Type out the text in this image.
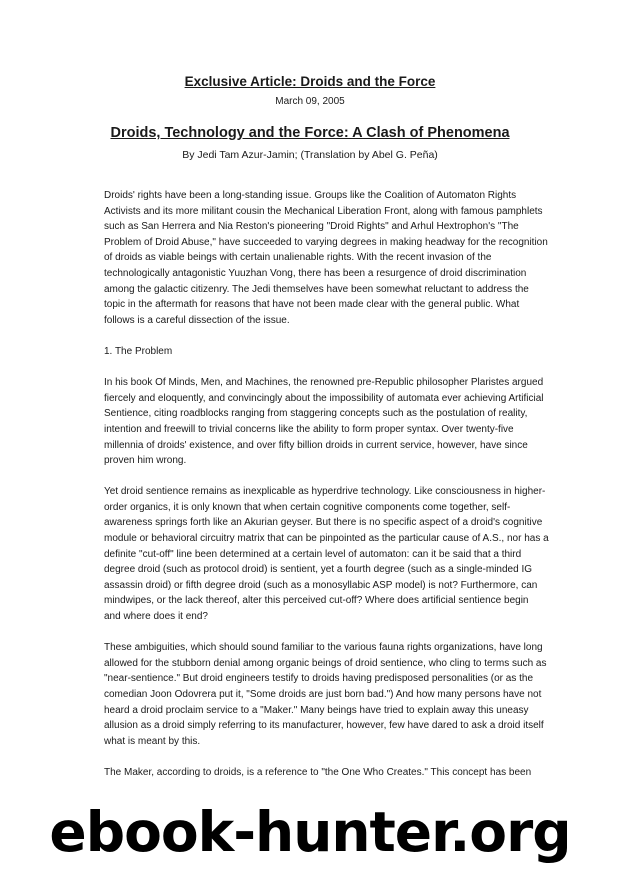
Exclusive Article: Droids and the Force
March 09, 2005
Droids, Technology and the Force: A Clash of Phenomena
By Jedi Tam Azur-Jamin; (Translation by Abel G. Peña)

Droids' rights have been a long-standing issue. Groups like the Coalition of Automaton Rights
Activists and its more militant cousin the Mechanical Liberation Front, along with famous pamphlets
such as San Herrera and Nia Reston's pioneering "Droid Rights" and Arhul Hextrophon's "The
Problem of Droid Abuse," have succeeded to varying degrees in making headway for the recognition
of droids as viable beings with certain unalienable rights. With the recent invasion of the
technologically antagonistic Yuuzhan Vong, there has been a resurgence of droid discrimination
among the galactic citizenry. The Jedi themselves have been somewhat reluctant to address the
topic in the aftermath for reasons that have not been made clear with the general public. What
follows is a careful dissection of the issue.

1. The Problem

In his book Of Minds, Men, and Machines, the renowned pre-Republic philosopher Plaristes argued
fiercely and eloquently, and convincingly about the impossibility of automata ever achieving Artificial
Sentience, citing roadblocks ranging from staggering concepts such as the postulation of reality,
intention and freewill to trivial concerns like the ability to form proper syntax. Over twenty-five
millennia of droids' existence, and over fifty billion droids in current service, however, have since
proven him wrong.

Yet droid sentience remains as inexplicable as hyperdrive technology. Like consciousness in higher-
order organics, it is only known that when certain cognitive components come together, self-
awareness springs forth like an Akurian geyser. But there is no specific aspect of a droid's cognitive
module or behavioral circuitry matrix that can be pinpointed as the particular cause of A.S., nor has a
definite "cut-off" line been determined at a certain level of automaton: can it be said that a third
degree droid (such as protocol droid) is sentient, yet a fourth degree (such as a single-minded IG
assassin droid) or fifth degree droid (such as a monosyllabic ASP model) is not? Furthermore, can
mindwipes, or the lack thereof, alter this perceived cut-off? Where does artificial sentience begin
and where does it end?

These ambiguities, which should sound familiar to the various fauna rights organizations, have long
allowed for the stubborn denial among organic beings of droid sentience, who cling to terms such as
"near-sentience." But droid engineers testify to droids having predisposed personalities (or as the
comedian Joon Odovrera put it, "Some droids are just born bad.") And how many persons have not
heard a droid proclaim service to a "Maker." Many beings have tried to explain away this uneasy
allusion as a droid simply referring to its manufacturer, however, few have dared to ask a droid itself
what is meant by this.

The Maker, according to droids, is a reference to "the One Who Creates." This concept has been

ebook-hunter.org
